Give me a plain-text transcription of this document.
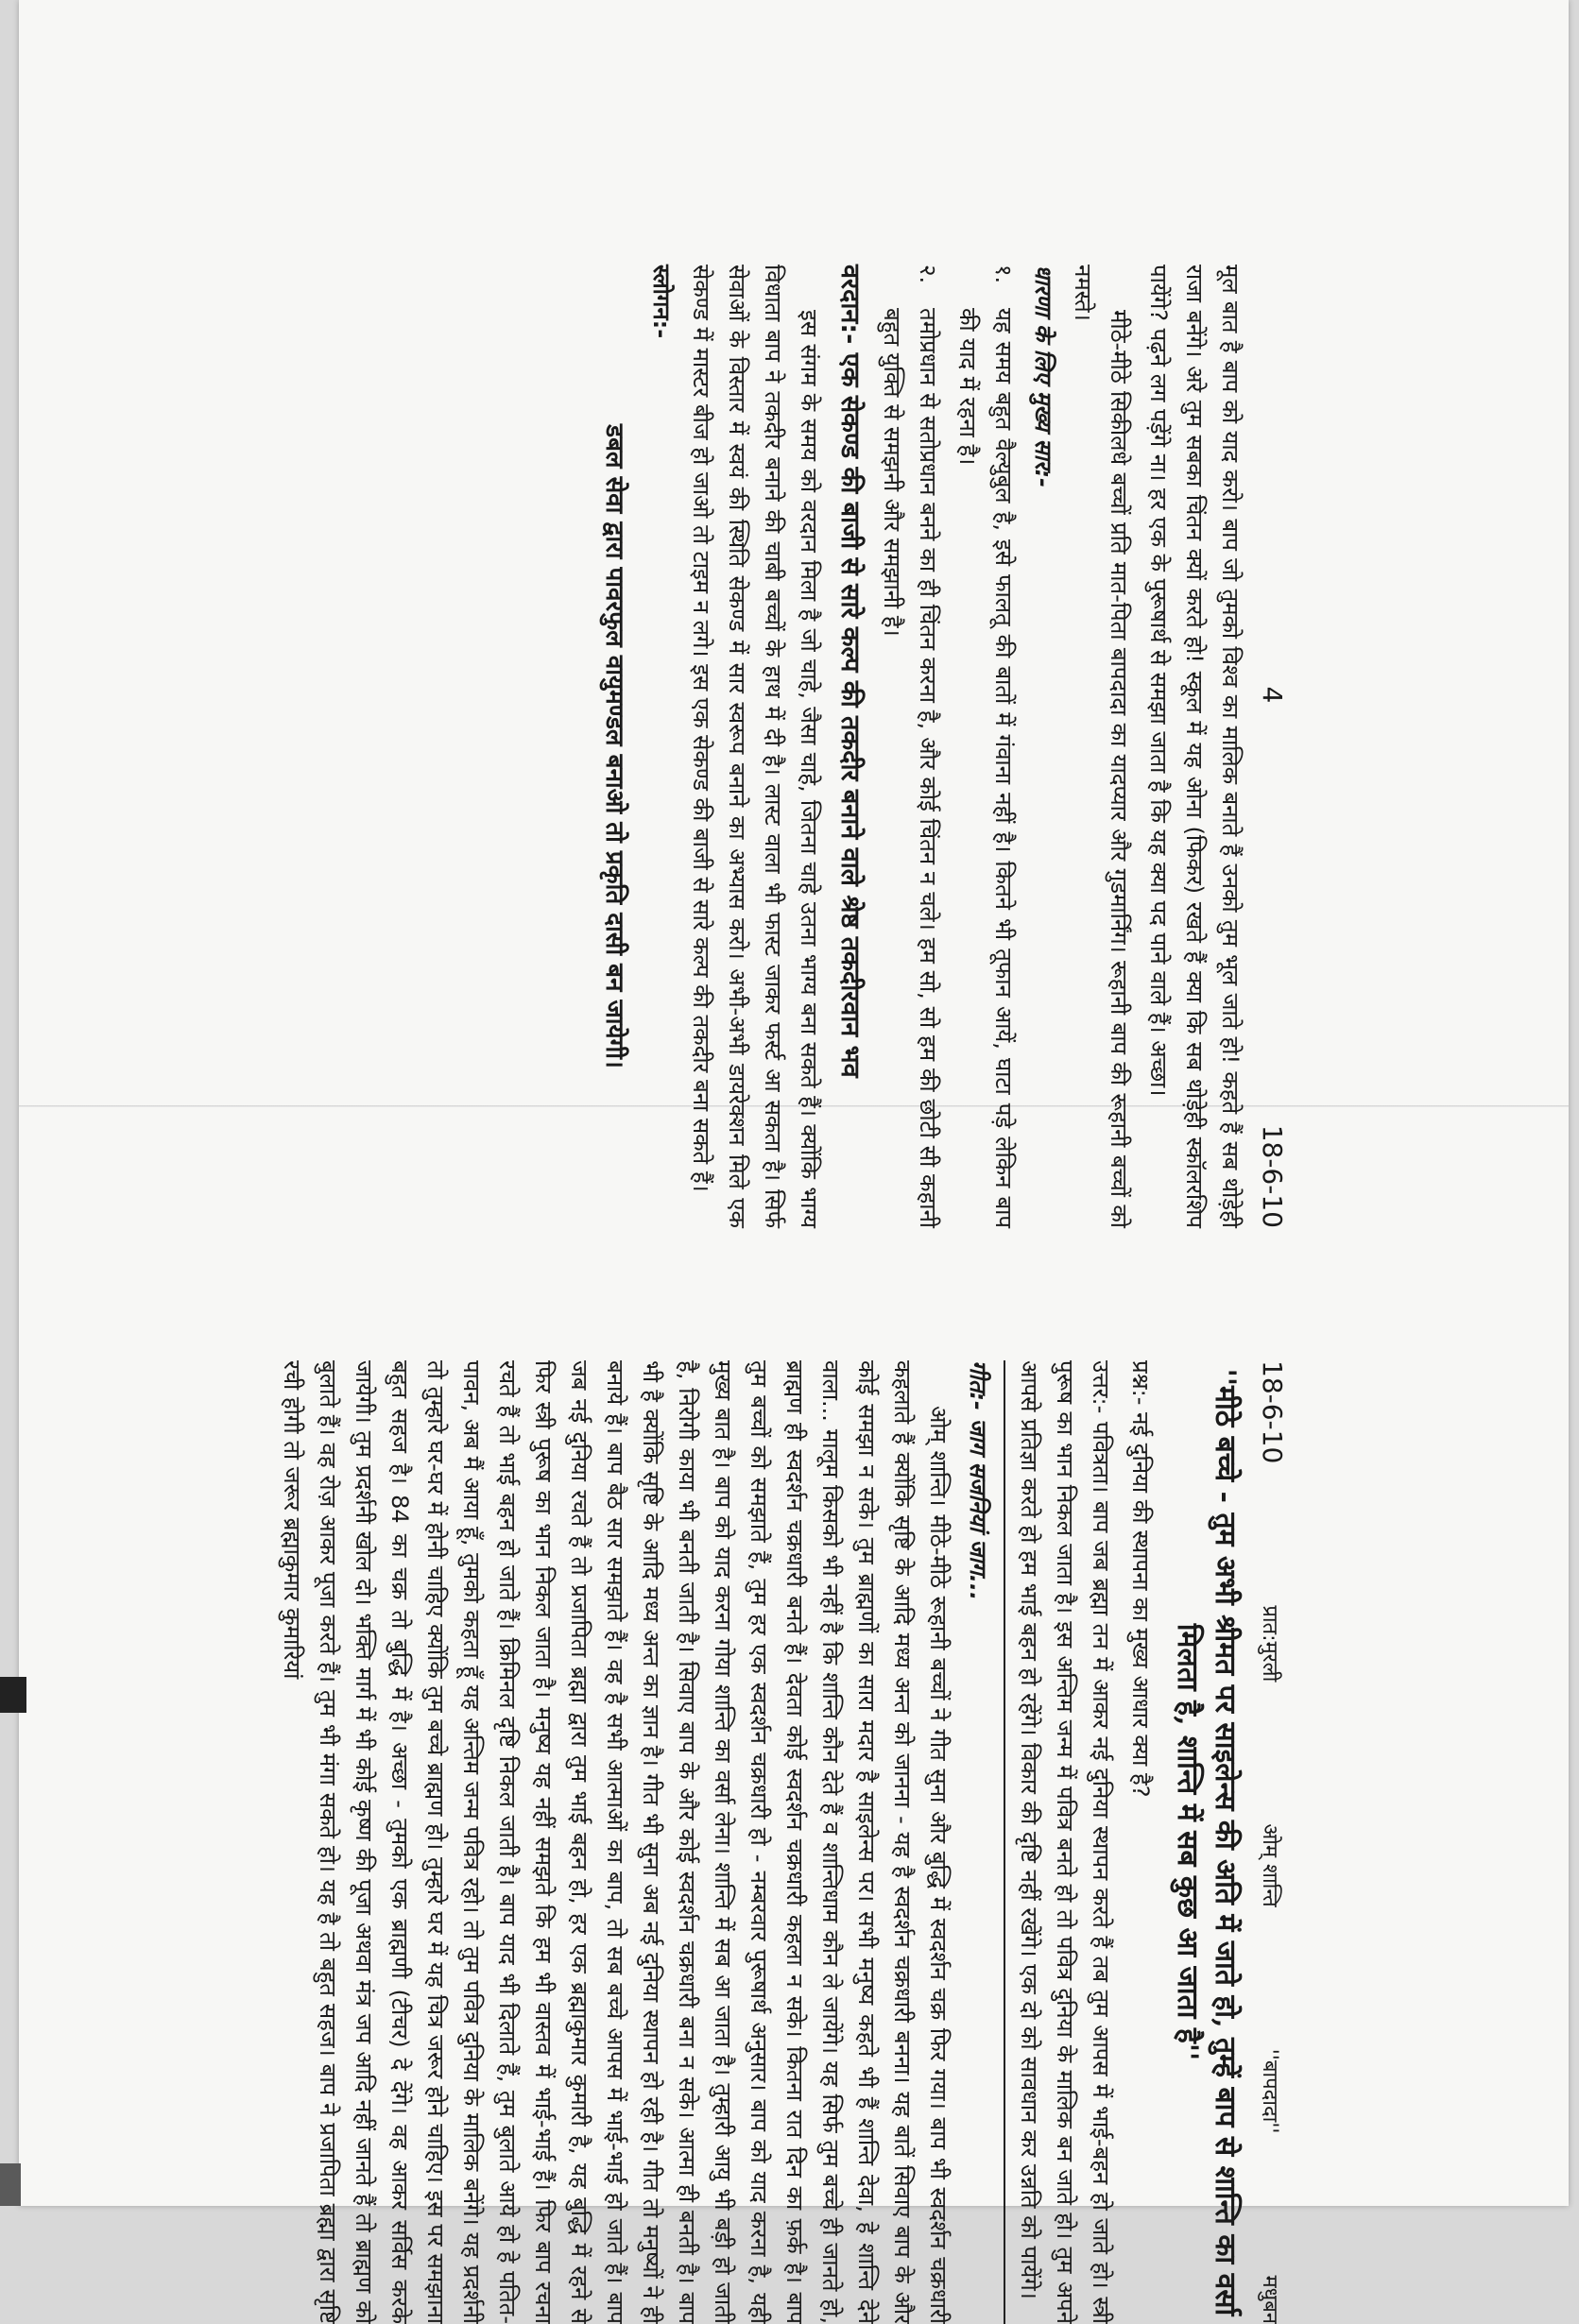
4
18-6-10

मूल बात है बाप को याद करो। बाप जो तुमको विश्व का मालिक बनाते हैं उनको तुम भूल जाते हो! कहते हैं सब थोड़ेही राजा बनेंगे। अरे तुम सबका चिंतन क्यों करते हो! स्कूल में यह ओना (फिकर) रखते हैं क्या कि सब थोड़ेही स्कॉलरशिप पायेंगे? पढ़ने लग पड़ेंगे ना। हर एक के पुरूषार्थ से समझा जाता है कि यह क्या पद पाने वाले हैं। अच्छा।

मीठे-मीठे सिकीलधे बच्चों प्रति मात-पिता बापदादा का यादप्यार और गुडमार्निंग। रूहानी बाप की रूहानी बच्चों को नमस्ते।

धारणा के लिए मुख्य सार:-

१.
यह समय बहुत वैल्युबुल है, इसे फालतू की बातों में गंवाना नहीं है। कितने भी तूफान आयें, घाटा पड़े लेकिन बाप की याद में रहना है।
२.
तमोप्रधान से सतोप्रधान बनने का ही चिंतन करना है, और कोई चिंतन न चले। हम सो, सो हम की छोटी सी कहानी बहुत युक्ति से समझनी और समझानी है।

वरदान:- एक सेकण्ड की बाजी से सारे कल्प की तकदीर बनाने वाले श्रेष्ठ तकदीरवान भव

इस संगम के समय को वरदान मिला है जो चाहे, जैसा चाहे, जितना चाहे उतना भाग्य बना सकते हैं। क्योंकि भाग्य विधाता बाप ने तकदीर बनाने की चाबी बच्चों के हाथ में दी है। लास्ट वाला भी फास्ट जाकर फर्स्ट आ सकता है। सिर्फ सेवाओं के विस्तार में स्वयं की स्थिति सेकण्ड में सार स्वरूप बनाने का अभ्यास करो। अभी-अभी डायरेक्शन मिले एक सेकण्ड में मास्टर बीज हो जाओ तो टाइम न लगे। इस एक सेकण्ड की बाजी से सारे कल्प की तकदीर बना सकते हैं।

स्लोगन:-

डबल सेवा द्वारा पावरफुल वायुमण्डल बनाओ तो प्रकृति दासी बन जायेगी।

18-6-10
प्रात:मुरली
ओम् शान्ति
''बापदादा''
मधुबन
''मीठे बच्चे - तुम अभी श्रीमत पर साइलेन्स की अति में जाते हो, तुम्हें बाप से शान्ति का वर्सा मिलता है, शान्ति में सब कुछ आ जाता है''

प्रश्न:- नई दुनिया की स्थापना का मुख्य आधार क्या है?

उत्तर:- पवित्रता। बाप जब ब्रह्मा तन में आकर नई दुनिया स्थापन करते हैं तब तुम आपस में भाई-बहन हो जाते हो। स्त्री पुरूष का भान निकल जाता है। इस अन्तिम जन्म में पवित्र बनते हो तो पवित्र दुनिया के मालिक बन जाते हो। तुम अपने आपसे प्रतिज्ञा करते हो हम भाई बहन हो रहेंगे। विकार की दृष्टि नहीं रखेंगे। एक दो को सावधान कर उन्नति को पायेंगे।

गीत:- जाग सजनियां जाग...

ओम् शान्ति। मीठे-मीठे रूहानी बच्चों ने गीत सुना और बुद्धि में स्वदर्शन चक्र फिर गया। बाप भी स्वदर्शन चक्रधारी कहलाते हैं क्योंकि सृष्टि के आदि मध्य अन्त को जानना - यह है स्वदर्शन चक्रधारी बनना। यह बातें सिवाए बाप के और कोई समझा न सके। तुम ब्राह्मणों का सारा मदार है साइलेन्स पर। सभी मनुष्य कहते भी हैं शान्ति देवा, हे शान्ति देने वाला... मालूम किसको भी नहीं है कि शान्ति कौन देते हैं व शान्तिधाम कौन ले जायेंगे। यह सिर्फ तुम बच्चे ही जानते हो, ब्राह्मण ही स्वदर्शन चक्रधारी बनते हैं। देवता कोई स्वदर्शन चक्रधारी कहला न सके। कितना रात दिन का फ़र्क है। बाप तुम बच्चों को समझाते हैं, तुम हर एक स्वदर्शन चक्रधारी हो - नम्बरवार पुरूषार्थ अनुसार। बाप को याद करना है, यही मुख्य बात है। बाप को याद करना गोया शान्ति का वर्सा लेना। शान्ति में सब आ जाता है। तुम्हारी आयु भी बड़ी हो जाती है, निरोगी काया भी बनती जाती है। सिवाए बाप के और कोई स्वदर्शन चक्रधारी बना न सके। आत्मा ही बनती है। बाप भी है क्योंकि सृष्टि के आदि मध्य अन्त का ज्ञान है। गीत भी सुना अब नई दुनिया स्थापन हो रही है। गीत तो मनुष्यों ने ही बनाये हैं। बाप बैठ सार समझाते हैं। वह है सभी आत्माओं का बाप, तो सब बच्चे आपस में भाई-भाई हो जाते हैं। बाप जब नई दुनिया रचते हैं तो प्रजापिता ब्रह्मा द्वारा तुम भाई बहन हो, हर एक ब्रह्माकुमार कुमारी है, यह बुद्धि में रहने से फिर स्त्री पुरूष का भान निकल जाता है। मनुष्य यह नहीं समझते कि हम भी वास्तव में भाई-भाई हैं। फिर बाप रचना रचते हैं तो भाई बहन हो जाते हैं। क्रिमिनल दृष्टि निकल जाती है। बाप याद भी दिलाते हैं, तुम बुलाते आये हो हे पतित-पावन, अब मैं आया हूँ, तुमको कहता हूँ यह अन्तिम जन्म पवित्र रहो। तो तुम पवित्र दुनिया के मालिक बनेंगे। यह प्रदर्शनी तो तुम्हारे घर-घर में होनी चाहिए क्योंकि तुम बच्चे ब्राह्मण हो। तुम्हारे घर में यह चित्र जरूर होने चाहिए। इस पर समझाना बहुत सहज है। 84 का चक्र तो बुद्धि में है। अच्छा - तुमको एक ब्राह्मणी (टीचर) दे देंगे। वह आकर सर्विस करके जायेगी। तुम प्रदर्शनी खोल दो। भक्ति मार्ग में भी कोई कृष्ण की पूजा अथवा मंत्र जप आदि नहीं जानते हैं तो ब्राह्मण को बुलाते हैं। वह रोज़ आकर पूजा करते हैं। तुम भी मंगा सकते हो। यह है तो बहुत सहज। बाप ने प्रजापिता ब्रह्मा द्वारा सृष्टि रची होगी तो जरूर ब्रह्माकुमार कुमारियां
